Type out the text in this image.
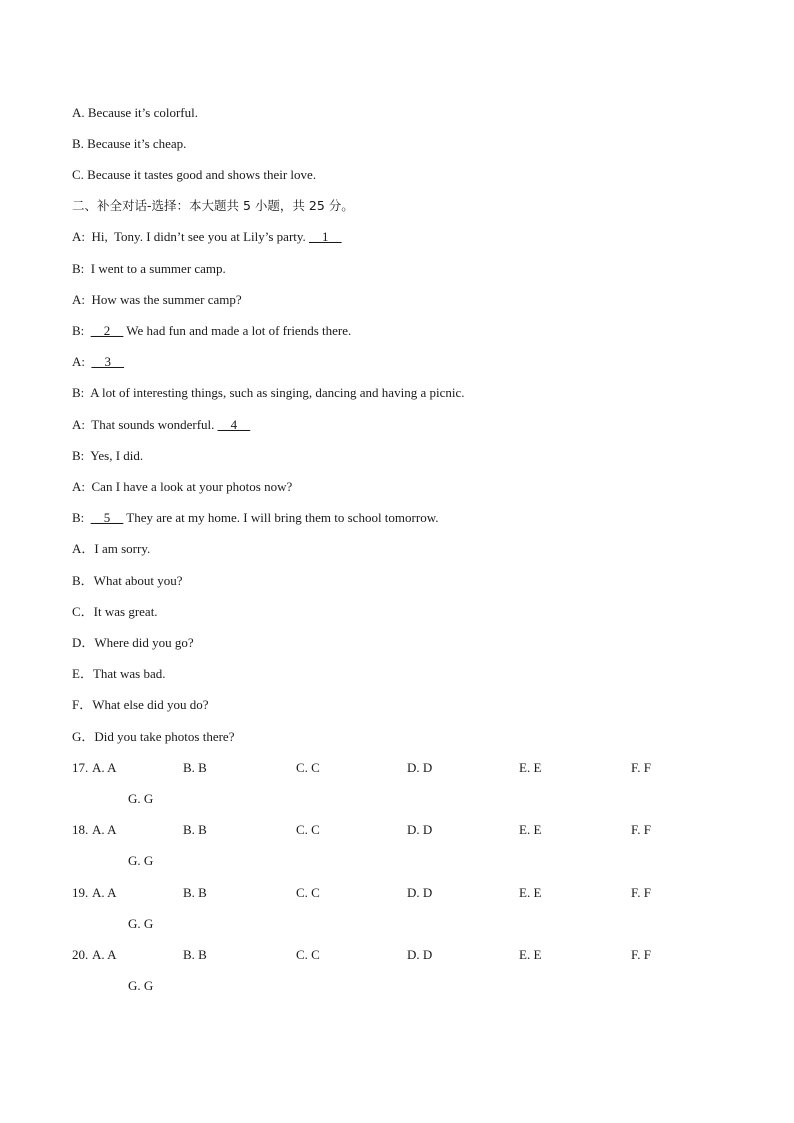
A. Because it’s colorful.
B. Because it’s cheap.
C. Because it tastes good and shows their love.
二、补全对话-选择：本大题共 5 小题，共 25 分。
A:  Hi,  Tony. I didn’t see you at Lily’s party. __1__
B:  I went to a summer camp.
A:  How was the summer camp?
B:  __2__ We had fun and made a lot of friends there.
A:  __3__
B:  A lot of interesting things, such as singing, dancing and having a picnic.
A:  That sounds wonderful. __4__
B:  Yes, I did.
A:  Can I have a look at your photos now?
B:  __5__ They are at my home. I will bring them to school tomorrow.
A．I am sorry.
B．What about you?
C．It was great.
D．Where did you go?
E．That was bad.
F．What else did you do?
G．Did you take photos there?
17. A. A	B. B	C. C	D. D	E. E	F. F
G. G
18. A. A	B. B	C. C	D. D	E. E	F. F
G. G
19. A. A	B. B	C. C	D. D	E. E	F. F
G. G
20. A. A	B. B	C. C	D. D	E. E	F. F
G. G
